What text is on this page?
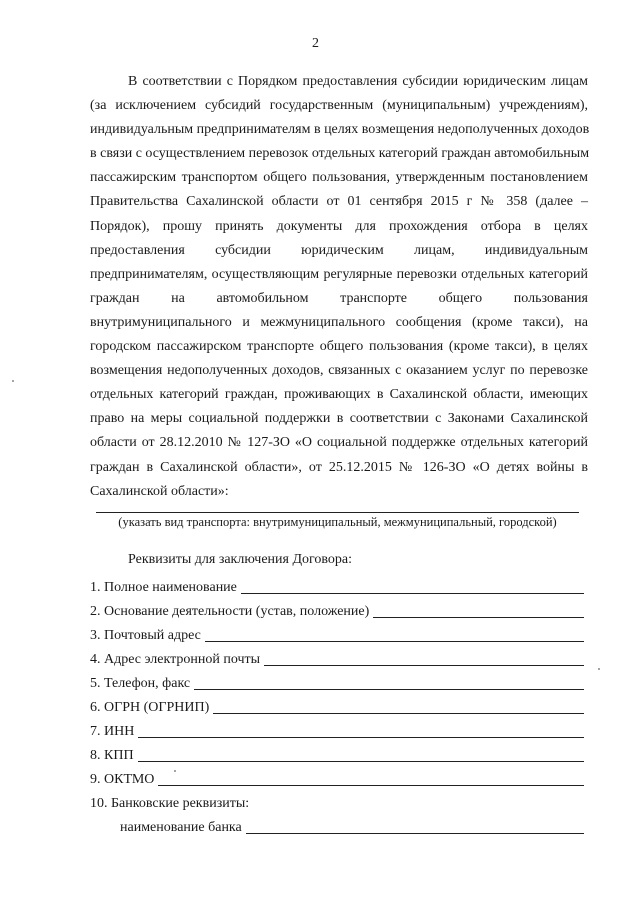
2
В соответствии с Порядком предоставления субсидии юридическим лицам
(за исключением субсидий государственным (муниципальным) учреждениям),
индивидуальным предпринимателям в целях возмещения недополученных доходов
в связи с осуществлением перевозок отдельных категорий граждан автомобильным
пассажирским транспортом общего пользования, утвержденным постановлением
Правительства Сахалинской области от 01 сентября 2015 г № 358 (далее –
Порядок), прошу принять документы для прохождения отбора в целях
предоставления субсидии юридическим лицам, индивидуальным
предпринимателям, осуществляющим регулярные перевозки отдельных категорий
граждан на автомобильном транспорте общего пользования
внутримуниципального и межмуниципального сообщения (кроме такси), на
городском пассажирском транспорте общего пользования (кроме такси), в целях
возмещения недополученных доходов, связанных с оказанием услуг по перевозке
отдельных категорий граждан, проживающих в Сахалинской области, имеющих
право на меры социальной поддержки в соответствии с Законами Сахалинской
области от 28.12.2010 № 127-ЗО «О социальной поддержке отдельных категорий
граждан в Сахалинской области», от 25.12.2015 № 126-ЗО «О детях войны в
Сахалинской области»:
(указать вид транспорта: внутримуниципальный, межмуниципальный, городской)
Реквизиты для заключения Договора:
1. Полное наименование
2. Основание деятельности (устав, положение)
3. Почтовый адрес
4. Адрес электронной почты
5. Телефон, факс
6. ОГРН (ОГРНИП)
7. ИНН
8. КПП
9. ОКТМО
10. Банковские реквизиты:
наименование банка
